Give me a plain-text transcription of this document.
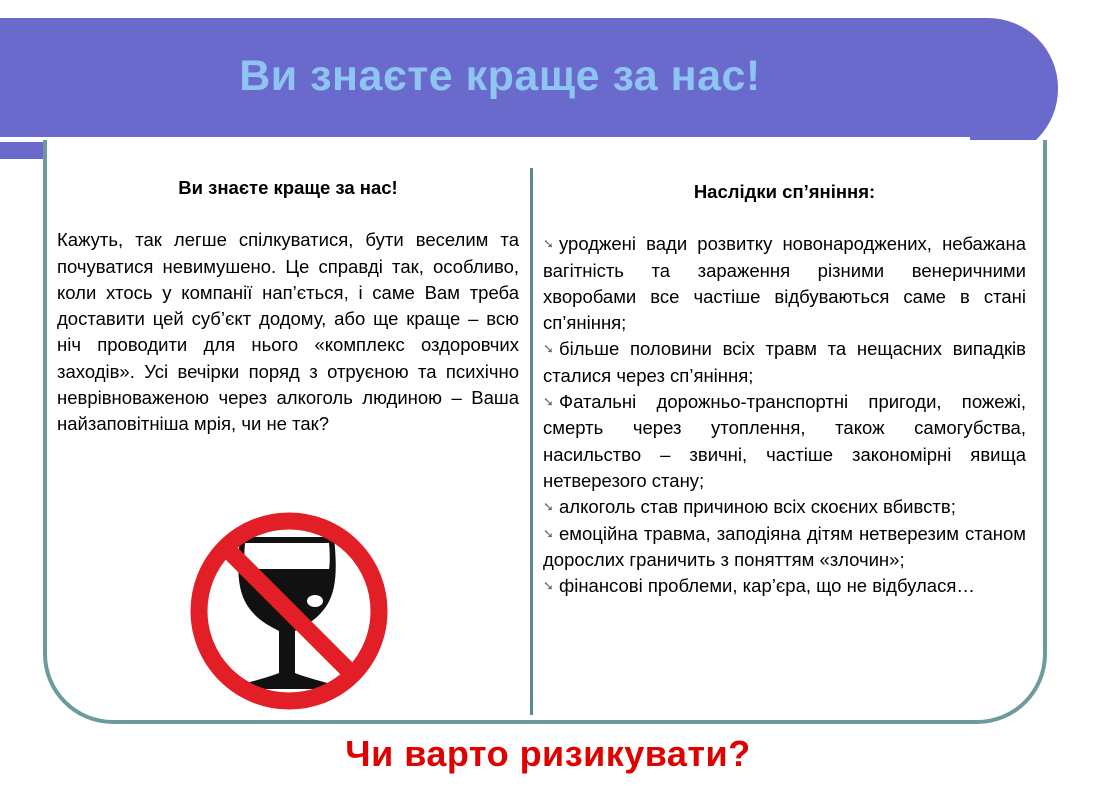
Ви знаєте краще за нас!

Ви знаєте краще за нас!

Кажуть, так легше спілкуватися, бути веселим та почуватися невимушено. Це справді так, особливо, коли хтось у компанії нап’ється, і саме Вам треба доставити цей суб’єкт додому, або ще краще – всю ніч проводити для нього «комплекс оздоровчих заходів». Усі вечірки поряд з отруєною та психічно неврівноваженою через алкоголь людиною – Ваша найзаповітніша мрія, чи не так?

Наслідки сп’яніння:

➘ уроджені вади розвитку новонароджених, небажана вагітність та зараження різними венеричними хворобами все частіше відбуваються саме в стані сп’яніння;
➘ більше половини всіх травм та нещасних випадків сталися через сп’яніння;
➘ Фатальні дорожньо-транспортні пригоди, пожежі, смерть через утоплення, також самогубства, насильство – звичні, частіше закономірні явища нетверезого стану;
➘ алкоголь став причиною всіх скоєних вбивств;
➘ емоційна травма, заподіяна дітям нетверезим станом дорослих граничить з поняттям «злочин»;
➘ фінансові проблеми, кар’єра, що не відбулася…
Чи варто ризикувати?
